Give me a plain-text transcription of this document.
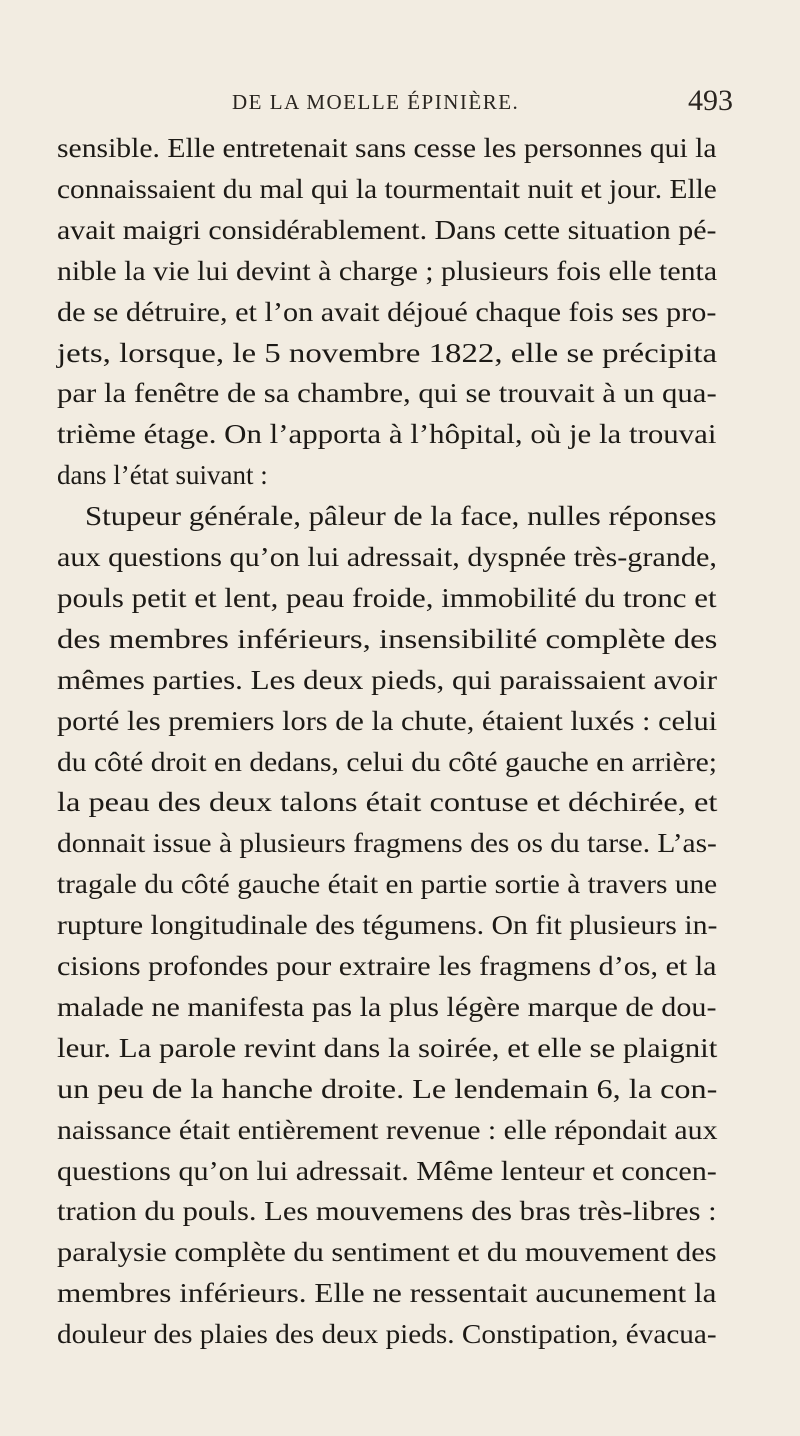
DE LA MOELLE ÉPINIÈRE.	493
sensible. Elle entretenait sans cesse les personnes qui la
connaissaient du mal qui la tourmentait nuit et jour. Elle
avait maigri considérablement. Dans cette situation pé-
nible la vie lui devint à charge ; plusieurs fois elle tenta
de se détruire, et l’on avait déjoué chaque fois ses pro-
jets, lorsque, le 5 novembre 1822, elle se précipita
par la fenêtre de sa chambre, qui se trouvait à un qua-
trième étage. On l’apporta à l’hôpital, où je la trouvai
dans l’état suivant :
Stupeur générale, pâleur de la face, nulles réponses
aux questions qu’on lui adressait, dyspnée très-grande,
pouls petit et lent, peau froide, immobilité du tronc et
des membres inférieurs, insensibilité complète des
mêmes parties. Les deux pieds, qui paraissaient avoir
porté les premiers lors de la chute, étaient luxés : celui
du côté droit en dedans, celui du côté gauche en arrière;
la peau des deux talons était contuse et déchirée, et
donnait issue à plusieurs fragmens des os du tarse. L’as-
tragale du côté gauche était en partie sortie à travers une
rupture longitudinale des tégumens. On fit plusieurs in-
cisions profondes pour extraire les fragmens d’os, et la
malade ne manifesta pas la plus légère marque de dou-
leur. La parole revint dans la soirée, et elle se plaignit
un peu de la hanche droite. Le lendemain 6, la con-
naissance était entièrement revenue : elle répondait aux
questions qu’on lui adressait. Même lenteur et concen-
tration du pouls. Les mouvemens des bras très-libres :
paralysie complète du sentiment et du mouvement des
membres inférieurs. Elle ne ressentait aucunement la
douleur des plaies des deux pieds. Constipation, évacua-
